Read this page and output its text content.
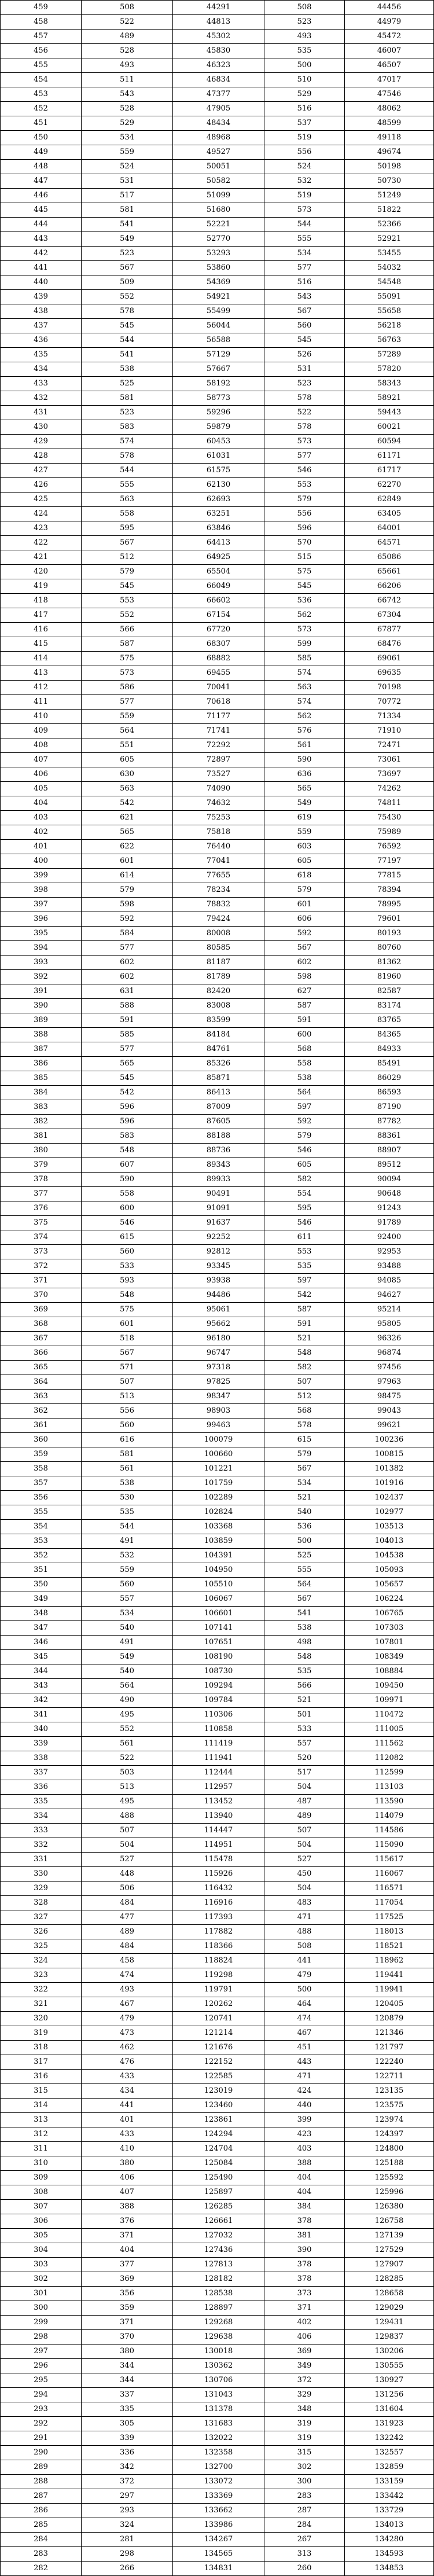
459	508	44291	508	44456
458	522	44813	523	44979
457	489	45302	493	45472
456	528	45830	535	46007
455	493	46323	500	46507
454	511	46834	510	47017
453	543	47377	529	47546
452	528	47905	516	48062
451	529	48434	537	48599
450	534	48968	519	49118
449	559	49527	556	49674
448	524	50051	524	50198
447	531	50582	532	50730
446	517	51099	519	51249
445	581	51680	573	51822
444	541	52221	544	52366
443	549	52770	555	52921
442	523	53293	534	53455
441	567	53860	577	54032
440	509	54369	516	54548
439	552	54921	543	55091
438	578	55499	567	55658
437	545	56044	560	56218
436	544	56588	545	56763
435	541	57129	526	57289
434	538	57667	531	57820
433	525	58192	523	58343
432	581	58773	578	58921
431	523	59296	522	59443
430	583	59879	578	60021
429	574	60453	573	60594
428	578	61031	577	61171
427	544	61575	546	61717
426	555	62130	553	62270
425	563	62693	579	62849
424	558	63251	556	63405
423	595	63846	596	64001
422	567	64413	570	64571
421	512	64925	515	65086
420	579	65504	575	65661
419	545	66049	545	66206
418	553	66602	536	66742
417	552	67154	562	67304
416	566	67720	573	67877
415	587	68307	599	68476
414	575	68882	585	69061
413	573	69455	574	69635
412	586	70041	563	70198
411	577	70618	574	70772
410	559	71177	562	71334
409	564	71741	576	71910
408	551	72292	561	72471
407	605	72897	590	73061
406	630	73527	636	73697
405	563	74090	565	74262
404	542	74632	549	74811
403	621	75253	619	75430
402	565	75818	559	75989
401	622	76440	603	76592
400	601	77041	605	77197
399	614	77655	618	77815
398	579	78234	579	78394
397	598	78832	601	78995
396	592	79424	606	79601
395	584	80008	592	80193
394	577	80585	567	80760
393	602	81187	602	81362
392	602	81789	598	81960
391	631	82420	627	82587
390	588	83008	587	83174
389	591	83599	591	83765
388	585	84184	600	84365
387	577	84761	568	84933
386	565	85326	558	85491
385	545	85871	538	86029
384	542	86413	564	86593
383	596	87009	597	87190
382	596	87605	592	87782
381	583	88188	579	88361
380	548	88736	546	88907
379	607	89343	605	89512
378	590	89933	582	90094
377	558	90491	554	90648
376	600	91091	595	91243
375	546	91637	546	91789
374	615	92252	611	92400
373	560	92812	553	92953
372	533	93345	535	93488
371	593	93938	597	94085
370	548	94486	542	94627
369	575	95061	587	95214
368	601	95662	591	95805
367	518	96180	521	96326
366	567	96747	548	96874
365	571	97318	582	97456
364	507	97825	507	97963
363	513	98347	512	98475
362	556	98903	568	99043
361	560	99463	578	99621
360	616	100079	615	100236
359	581	100660	579	100815
358	561	101221	567	101382
357	538	101759	534	101916
356	530	102289	521	102437
355	535	102824	540	102977
354	544	103368	536	103513
353	491	103859	500	104013
352	532	104391	525	104538
351	559	104950	555	105093
350	560	105510	564	105657
349	557	106067	567	106224
348	534	106601	541	106765
347	540	107141	538	107303
346	491	107651	498	107801
345	549	108190	548	108349
344	540	108730	535	108884
343	564	109294	566	109450
342	490	109784	521	109971
341	495	110306	501	110472
340	552	110858	533	111005
339	561	111419	557	111562
338	522	111941	520	112082
337	503	112444	517	112599
336	513	112957	504	113103
335	495	113452	487	113590
334	488	113940	489	114079
333	507	114447	507	114586
332	504	114951	504	115090
331	527	115478	527	115617
330	448	115926	450	116067
329	506	116432	504	116571
328	484	116916	483	117054
327	477	117393	471	117525
326	489	117882	488	118013
325	484	118366	508	118521
324	458	118824	441	118962
323	474	119298	479	119441
322	493	119791	500	119941
321	467	120262	464	120405
320	479	120741	474	120879
319	473	121214	467	121346
318	462	121676	451	121797
317	476	122152	443	122240
316	433	122585	471	122711
315	434	123019	424	123135
314	441	123460	440	123575
313	401	123861	399	123974
312	433	124294	423	124397
311	410	124704	403	124800
310	380	125084	388	125188
309	406	125490	404	125592
308	407	125897	404	125996
307	388	126285	384	126380
306	376	126661	378	126758
305	371	127032	381	127139
304	404	127436	390	127529
303	377	127813	378	127907
302	369	128182	378	128285
301	356	128538	373	128658
300	359	128897	371	129029
299	371	129268	402	129431
298	370	129638	406	129837
297	380	130018	369	130206
296	344	130362	349	130555
295	344	130706	372	130927
294	337	131043	329	131256
293	335	131378	348	131604
292	305	131683	319	131923
291	339	132022	319	132242
290	336	132358	315	132557
289	342	132700	302	132859
288	372	133072	300	133159
287	297	133369	283	133442
286	293	133662	287	133729
285	324	133986	284	134013
284	281	134267	267	134280
283	298	134565	313	134593
282	266	134831	260	134853
